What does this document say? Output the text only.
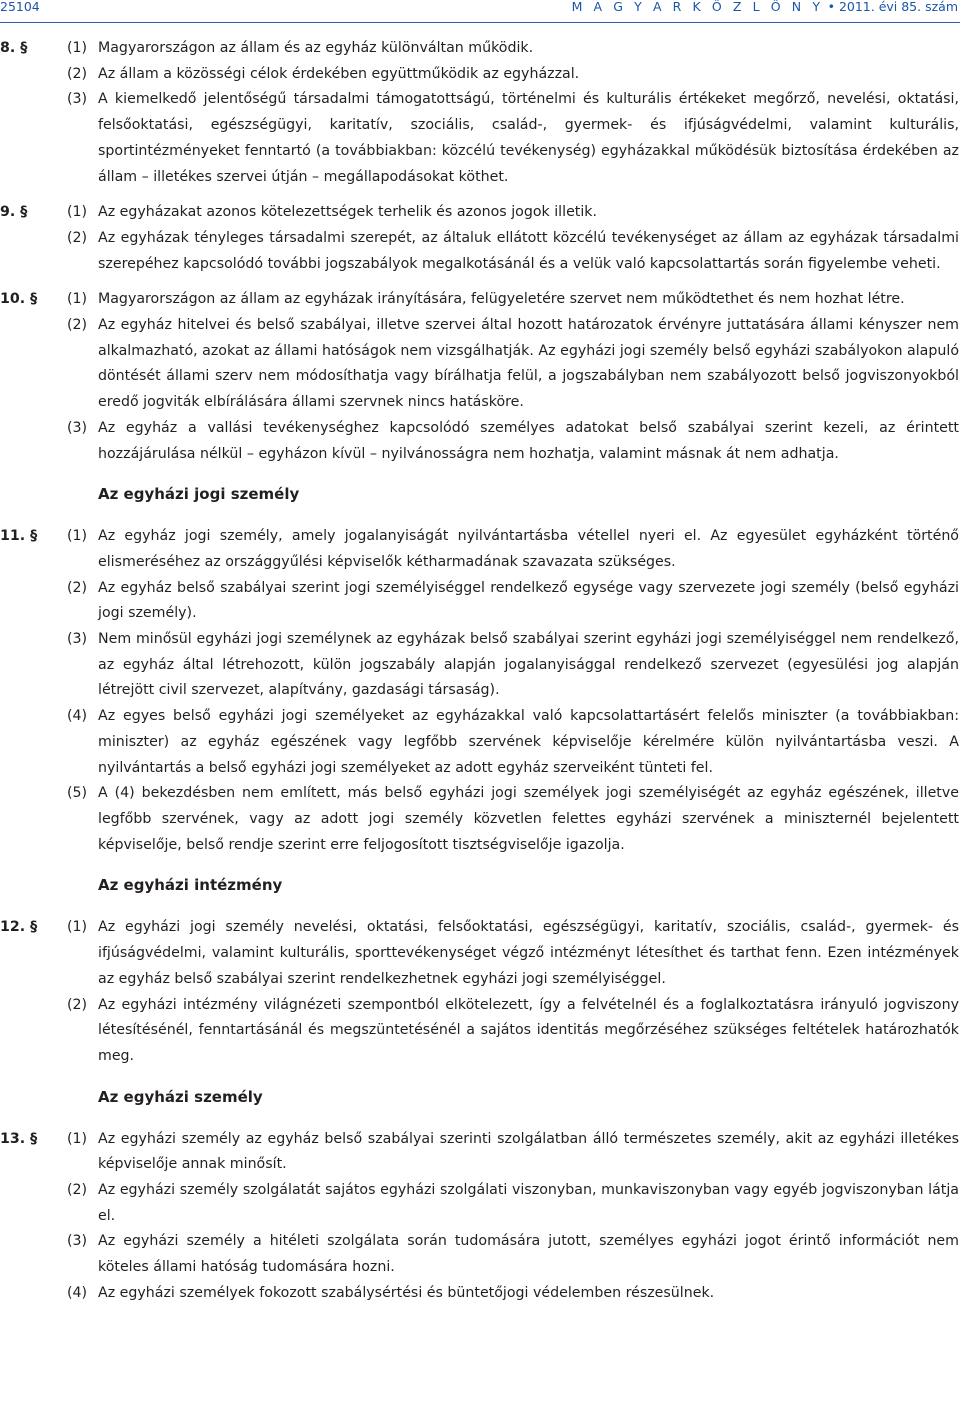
25104	M A G Y A R K Ö Z L Ö N Y • 2011. évi 85. szám
8. §	(1) Magyarországon az állam és az egyház különváltan működik.
(2) Az állam a közösségi célok érdekében együttműködik az egyházzal.
(3) A kiemelkedő jelentőségű társadalmi támogatottságú, történelmi és kulturális értékeket megőrző, nevelési, oktatási, felsőoktatási, egészségügyi, karitatív, szociális, család-, gyermek- és ifjúságvédelmi, valamint kulturális, sportintézményeket fenntartó (a továbbiakban: közcélú tevékenység) egyházakkal működésük biztosítása érdekében az állam – illetékes szervei útján – megállapodásokat köthet.
9. §	(1) Az egyházakat azonos kötelezettségek terhelik és azonos jogok illetik.
(2) Az egyházak tényleges társadalmi szerepét, az általuk ellátott közcélú tevékenységet az állam az egyházak társadalmi szerepéhez kapcsolódó további jogszabályok megalkotásánál és a velük való kapcsolattartás során figyelembe veheti.
10. § (1) Magyarországon az állam az egyházak irányítására, felügyeletére szervet nem működtethet és nem hozhat létre.
(2) Az egyház hitelvei és belső szabályai, illetve szervei által hozott határozatok érvényre juttatására állami kényszer nem alkalmazható, azokat az állami hatóságok nem vizsgálhatják. Az egyházi jogi személy belső egyházi szabályokon alapuló döntését állami szerv nem módosíthatja vagy bírálhatja felül, a jogszabályban nem szabályozott belső jogviszonyokból eredő jogviták elbírálására állami szervnek nincs hatásköre.
(3) Az egyház a vallási tevékenységhez kapcsolódó személyes adatokat belső szabályai szerint kezeli, az érintett hozzájárulása nélkül – egyházon kívül – nyilvánosságra nem hozhatja, valamint másnak át nem adhatja.
Az egyházi jogi személy
11. § (1) Az egyház jogi személy, amely jogalanyiságát nyilvántartásba vétellel nyeri el. Az egyesület egyházként történő elismeréséhez az országgyűlési képviselők kétharmadának szavazata szükséges.
(2) Az egyház belső szabályai szerint jogi személyiséggel rendelkező egysége vagy szervezete jogi személy (belső egyházi jogi személy).
(3) Nem minősül egyházi jogi személynek az egyházak belső szabályai szerint egyházi jogi személyiséggel nem rendelkező, az egyház által létrehozott, külön jogszabály alapján jogalanyisággal rendelkező szervezet (egyesülési jog alapján létrejött civil szervezet, alapítvány, gazdasági társaság).
(4) Az egyes belső egyházi jogi személyeket az egyházakkal való kapcsolattartásért felelős miniszter (a továbbiakban: miniszter) az egyház egészének vagy legfőbb szervének képviselője kérelmére külön nyilvántartásba veszi. A nyilvántartás a belső egyházi jogi személyeket az adott egyház szerveiként tünteti fel.
(5) A (4) bekezdésben nem említett, más belső egyházi jogi személyek jogi személyiségét az egyház egészének, illetve legfőbb szervének, vagy az adott jogi személy közvetlen felettes egyházi szervének a miniszternél bejelentett képviselője, belső rendje szerint erre feljogosított tisztségviselője igazolja.
Az egyházi intézmény
12. § (1) Az egyházi jogi személy nevelési, oktatási, felsőoktatási, egészségügyi, karitatív, szociális, család-, gyermek- és ifjúságvédelmi, valamint kulturális, sporttevékenységet végző intézményt létesíthet és tarthat fenn. Ezen intézmények az egyház belső szabályai szerint rendelkezhetnek egyházi jogi személyiséggel.
(2) Az egyházi intézmény világnézeti szempontból elkötelezett, így a felvételnél és a foglalkoztatásra irányuló jogviszony létesítésénél, fenntartásánál és megszüntetésénél a sajátos identitás megőrzéséhez szükséges feltételek határozhatók meg.
Az egyházi személy
13. § (1) Az egyházi személy az egyház belső szabályai szerinti szolgálatban álló természetes személy, akit az egyházi illetékes képviselője annak minősít.
(2) Az egyházi személy szolgálatát sajátos egyházi szolgálati viszonyban, munkaviszonyban vagy egyéb jogviszonyban látja el.
(3) Az egyházi személy a hitéleti szolgálata során tudomására jutott, személyes egyházi jogot érintő információt nem köteles állami hatóság tudomására hozni.
(4) Az egyházi személyek fokozott szabálysértési és büntetőjogi védelemben részesülnek.
